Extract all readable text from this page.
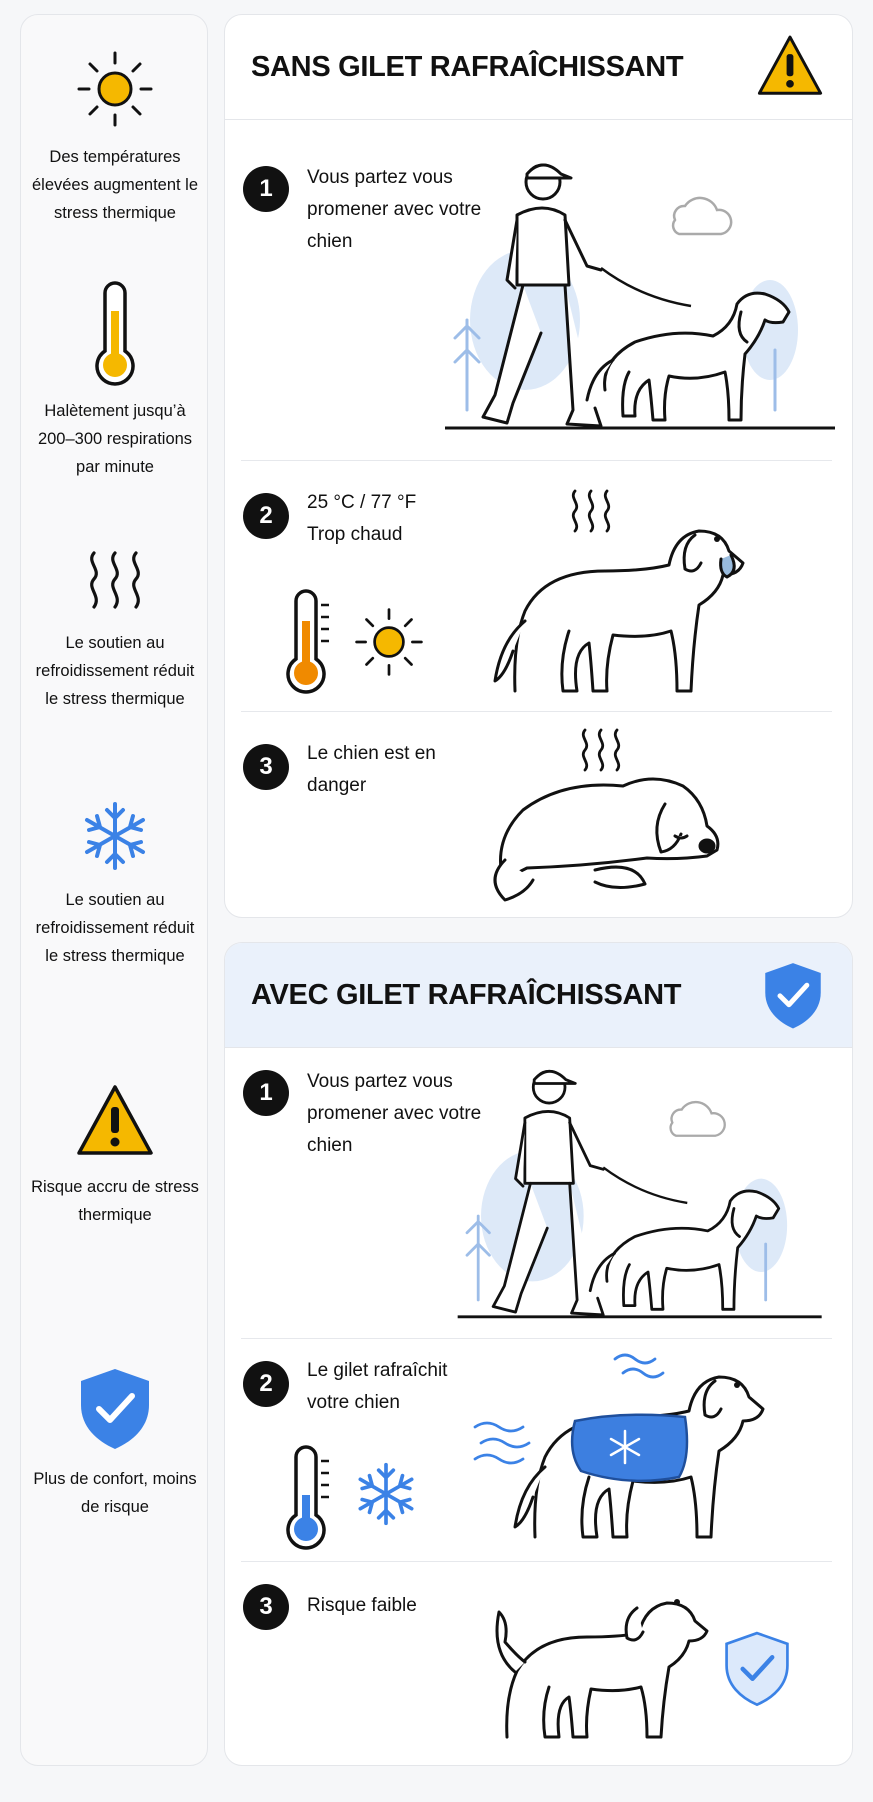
Des températures élevées augmentent le stress thermique
Halètement jusqu’à 200–300 respirations par minute
Le soutien au refroidissement réduit le stress thermique
Le soutien au refroidissement réduit le stress thermique
Risque accru de stress thermique
Plus de confort, moins de risque
SANS GILET RAFRAÎCHISSANT
1	Vous partez vous promener avec votre chien
2	25 °C / 77 °F Trop chaud
3	Le chien est en danger
AVEC GILET RAFRAÎCHISSANT
1	Vous partez vous promener avec votre chien
2	Le gilet rafraîchit votre chien
3	Risque faible
